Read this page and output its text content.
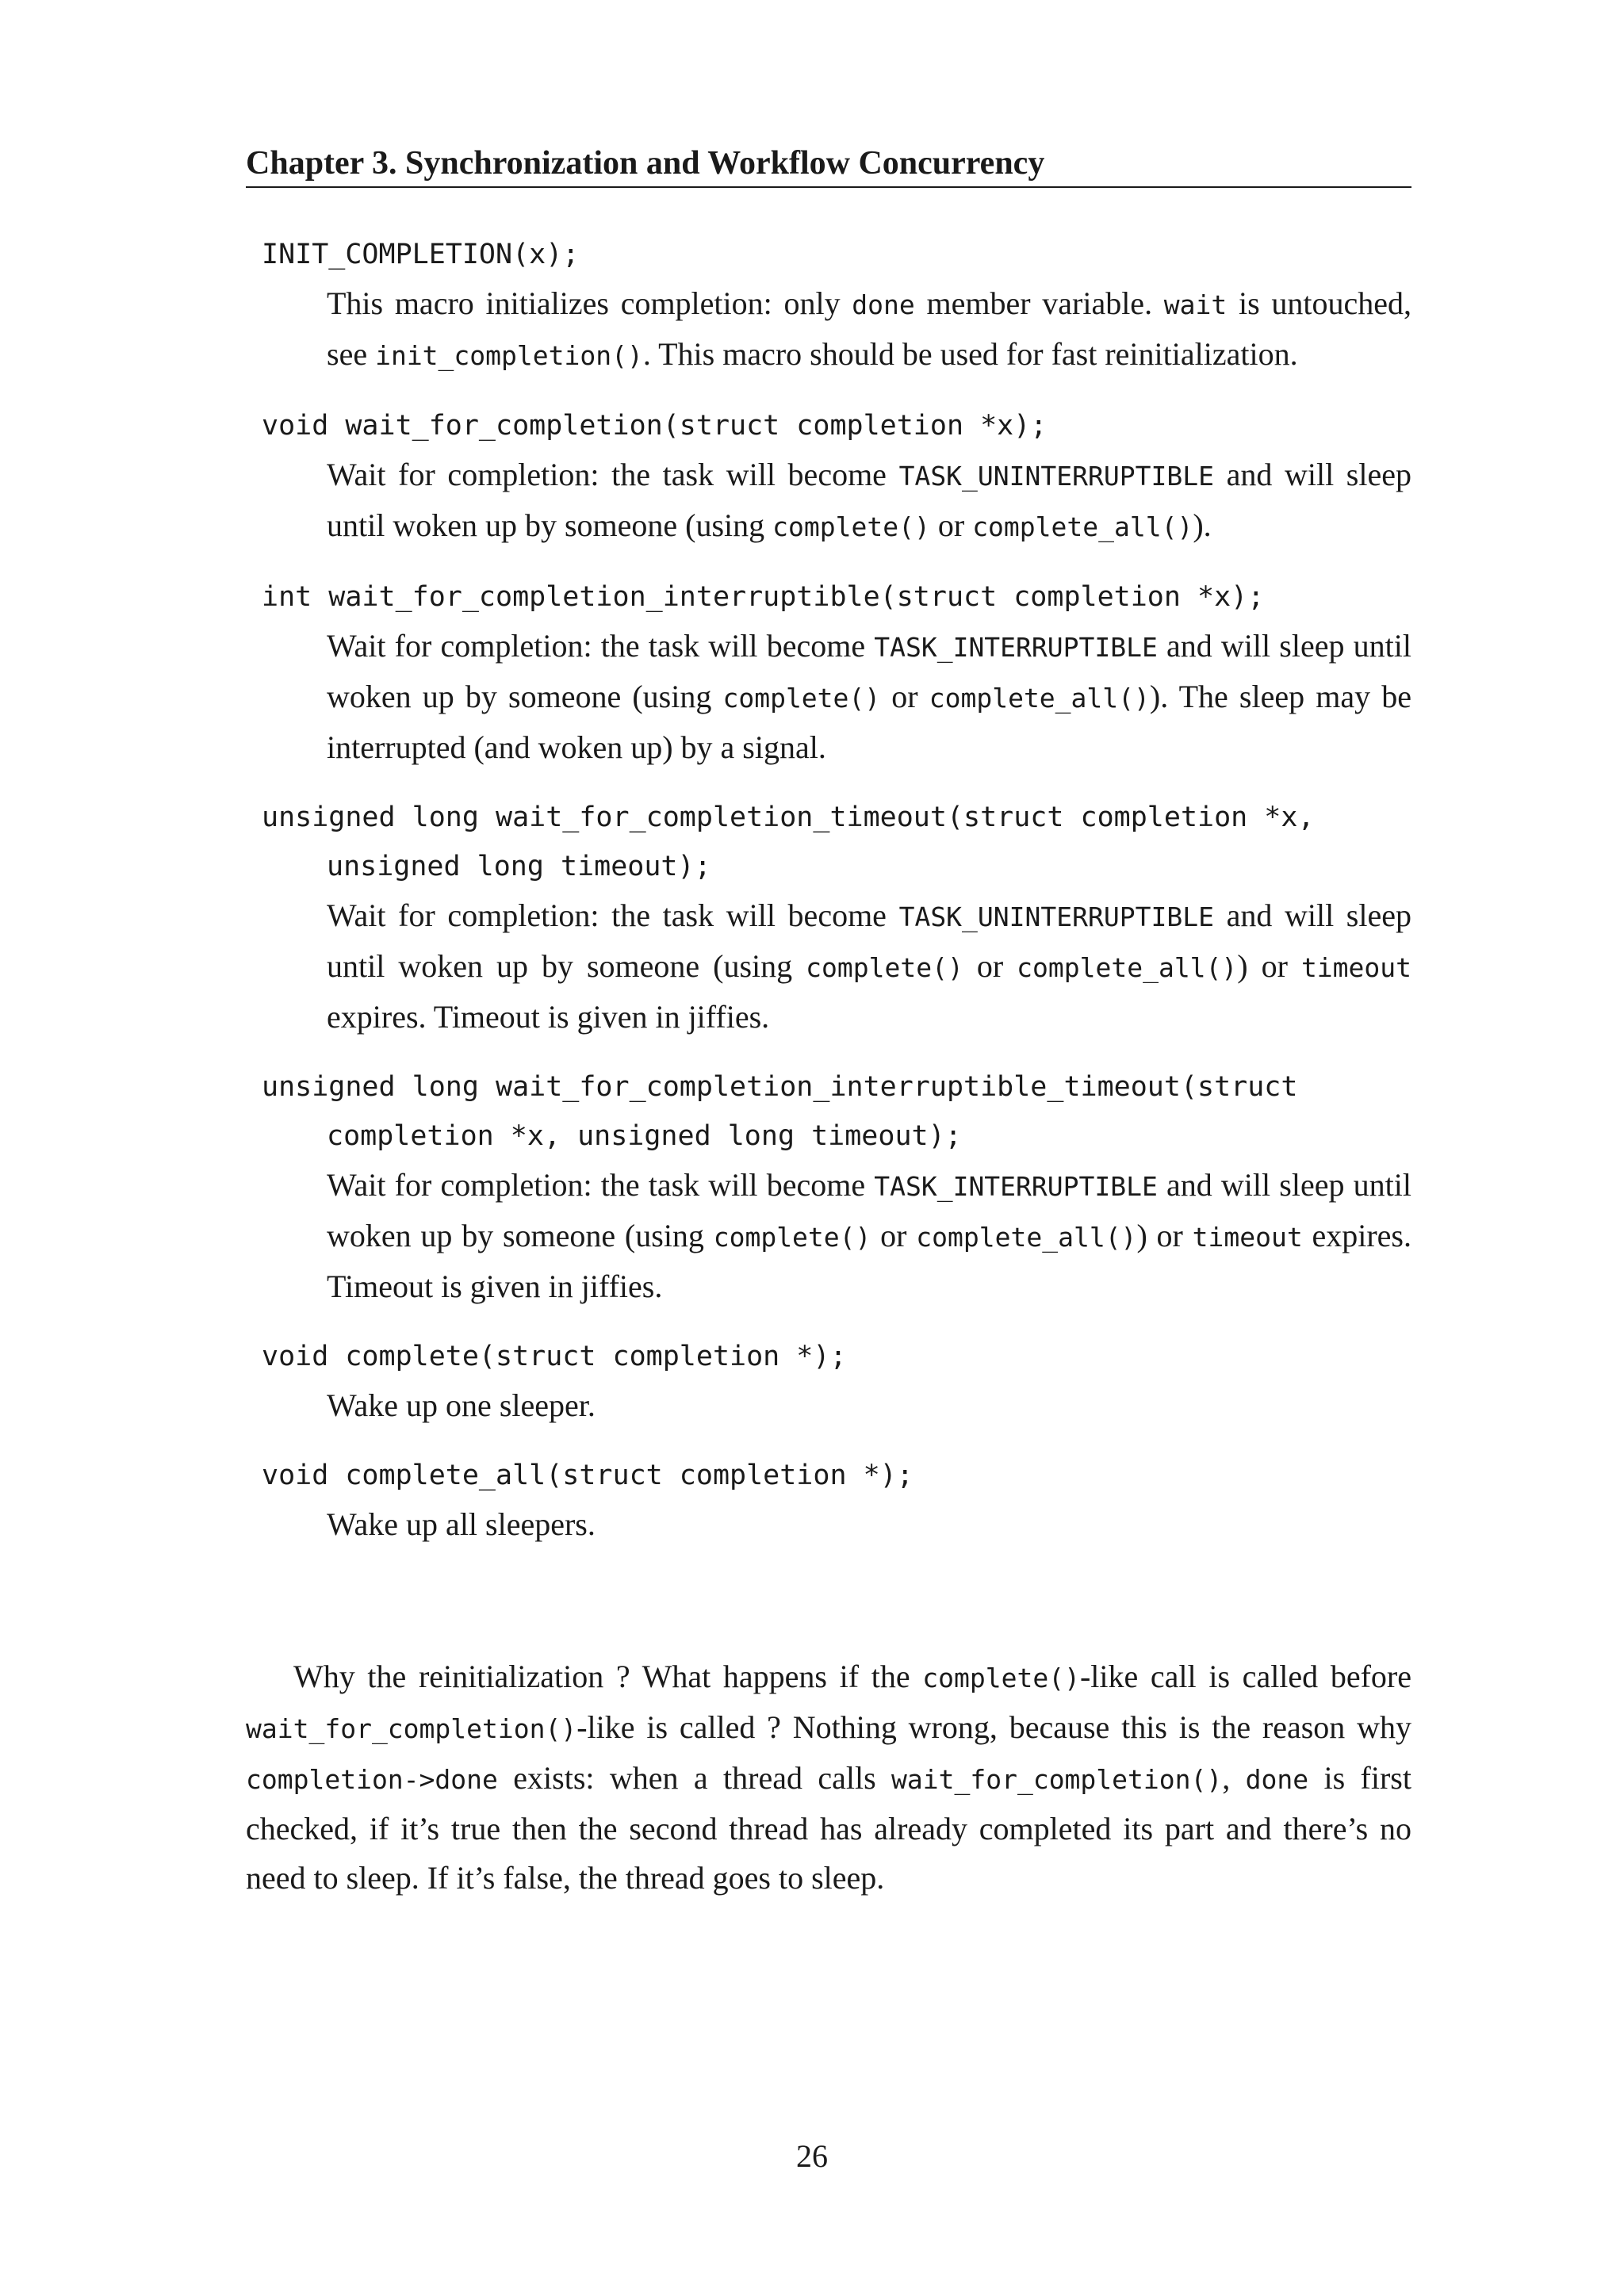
Chapter 3. Synchronization and Workflow Concurrency
INIT_COMPLETION(x);
This macro initializes completion: only done member variable. wait is untouched, see init_completion(). This macro should be used for fast reinitialization.
void wait_for_completion(struct completion *x);
Wait for completion: the task will become TASK_UNINTERRUPTIBLE and will sleep until woken up by someone (using complete() or complete_all()).
int wait_for_completion_interruptible(struct completion *x);
Wait for completion: the task will become TASK_INTERRUPTIBLE and will sleep until woken up by someone (using complete() or complete_all()). The sleep may be interrupted (and woken up) by a signal.
unsigned long wait_for_completion_timeout(struct completion *x,
unsigned long timeout);
Wait for completion: the task will become TASK_UNINTERRUPTIBLE and will sleep until woken up by someone (using complete() or complete_all()) or timeout expires. Timeout is given in jiffies.
unsigned long wait_for_completion_interruptible_timeout(struct
completion *x, unsigned long timeout);
Wait for completion: the task will become TASK_INTERRUPTIBLE and will sleep until woken up by someone (using complete() or complete_all()) or timeout expires. Timeout is given in jiffies.
void complete(struct completion *);
Wake up one sleeper.
void complete_all(struct completion *);
Wake up all sleepers.
Why the reinitialization ? What happens if the complete()-like call is called before wait_for_completion()-like is called ? Nothing wrong, because this is the reason why completion->done exists: when a thread calls wait_for_completion(), done is first checked, if it’s true then the second thread has already completed its part and there’s no need to sleep. If it’s false, the thread goes to sleep.
26
